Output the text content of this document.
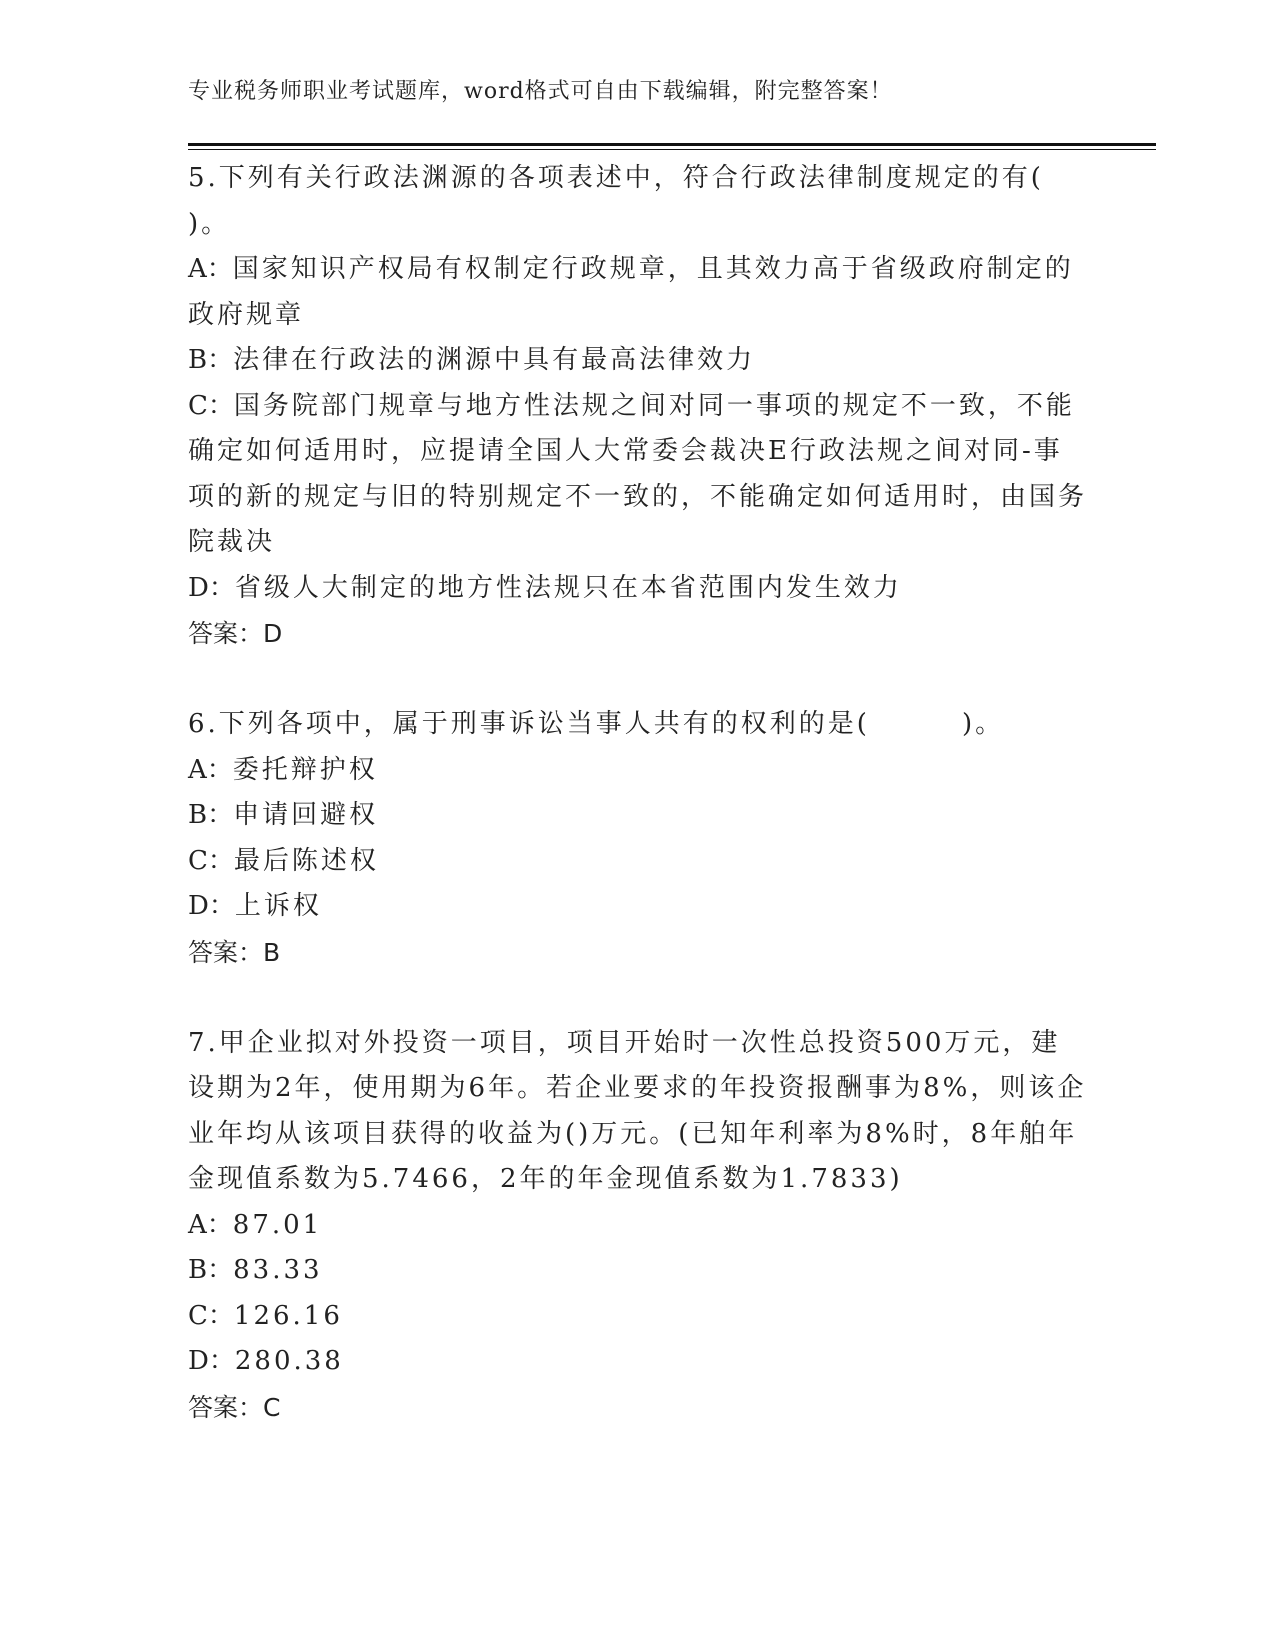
专业税务师职业考试题库，word格式可自由下载编辑，附完整答案！

5.下列有关行政法渊源的各项表述中，符合行政法律制度规定的有( )。

A：国家知识产权局有权制定行政规章，且其效力高于省级政府制定的政府规章

B：法律在行政法的渊源中具有最高法律效力

C：国务院部门规章与地方性法规之间对同一事项的规定不一致，不能确定如何适用时，应提请全国人大常委会裁决E行政法规之间对同-事项的新的规定与旧的特别规定不一致的，不能确定如何适用时，由国务院裁决

D：省级人大制定的地方性法规只在本省范围内发生效力

答案：D

6.下列各项中，属于刑事诉讼当事人共有的权利的是(	)。

A：委托辩护权

B：申请回避权

C：最后陈述权

D：上诉权

答案：B

7.甲企业拟对外投资一项目，项目开始时一次性总投资500万元，建设期为2年，使用期为6年。若企业要求的年投资报酬事为8%，则该企业年均从该项目获得的收益为()万元。(已知年利率为8%时，8年舶年金现值系数为5.7466，2年的年金现值系数为1.7833)

A：87.01

B：83.33

C：126.16

D：280.38

答案：C
